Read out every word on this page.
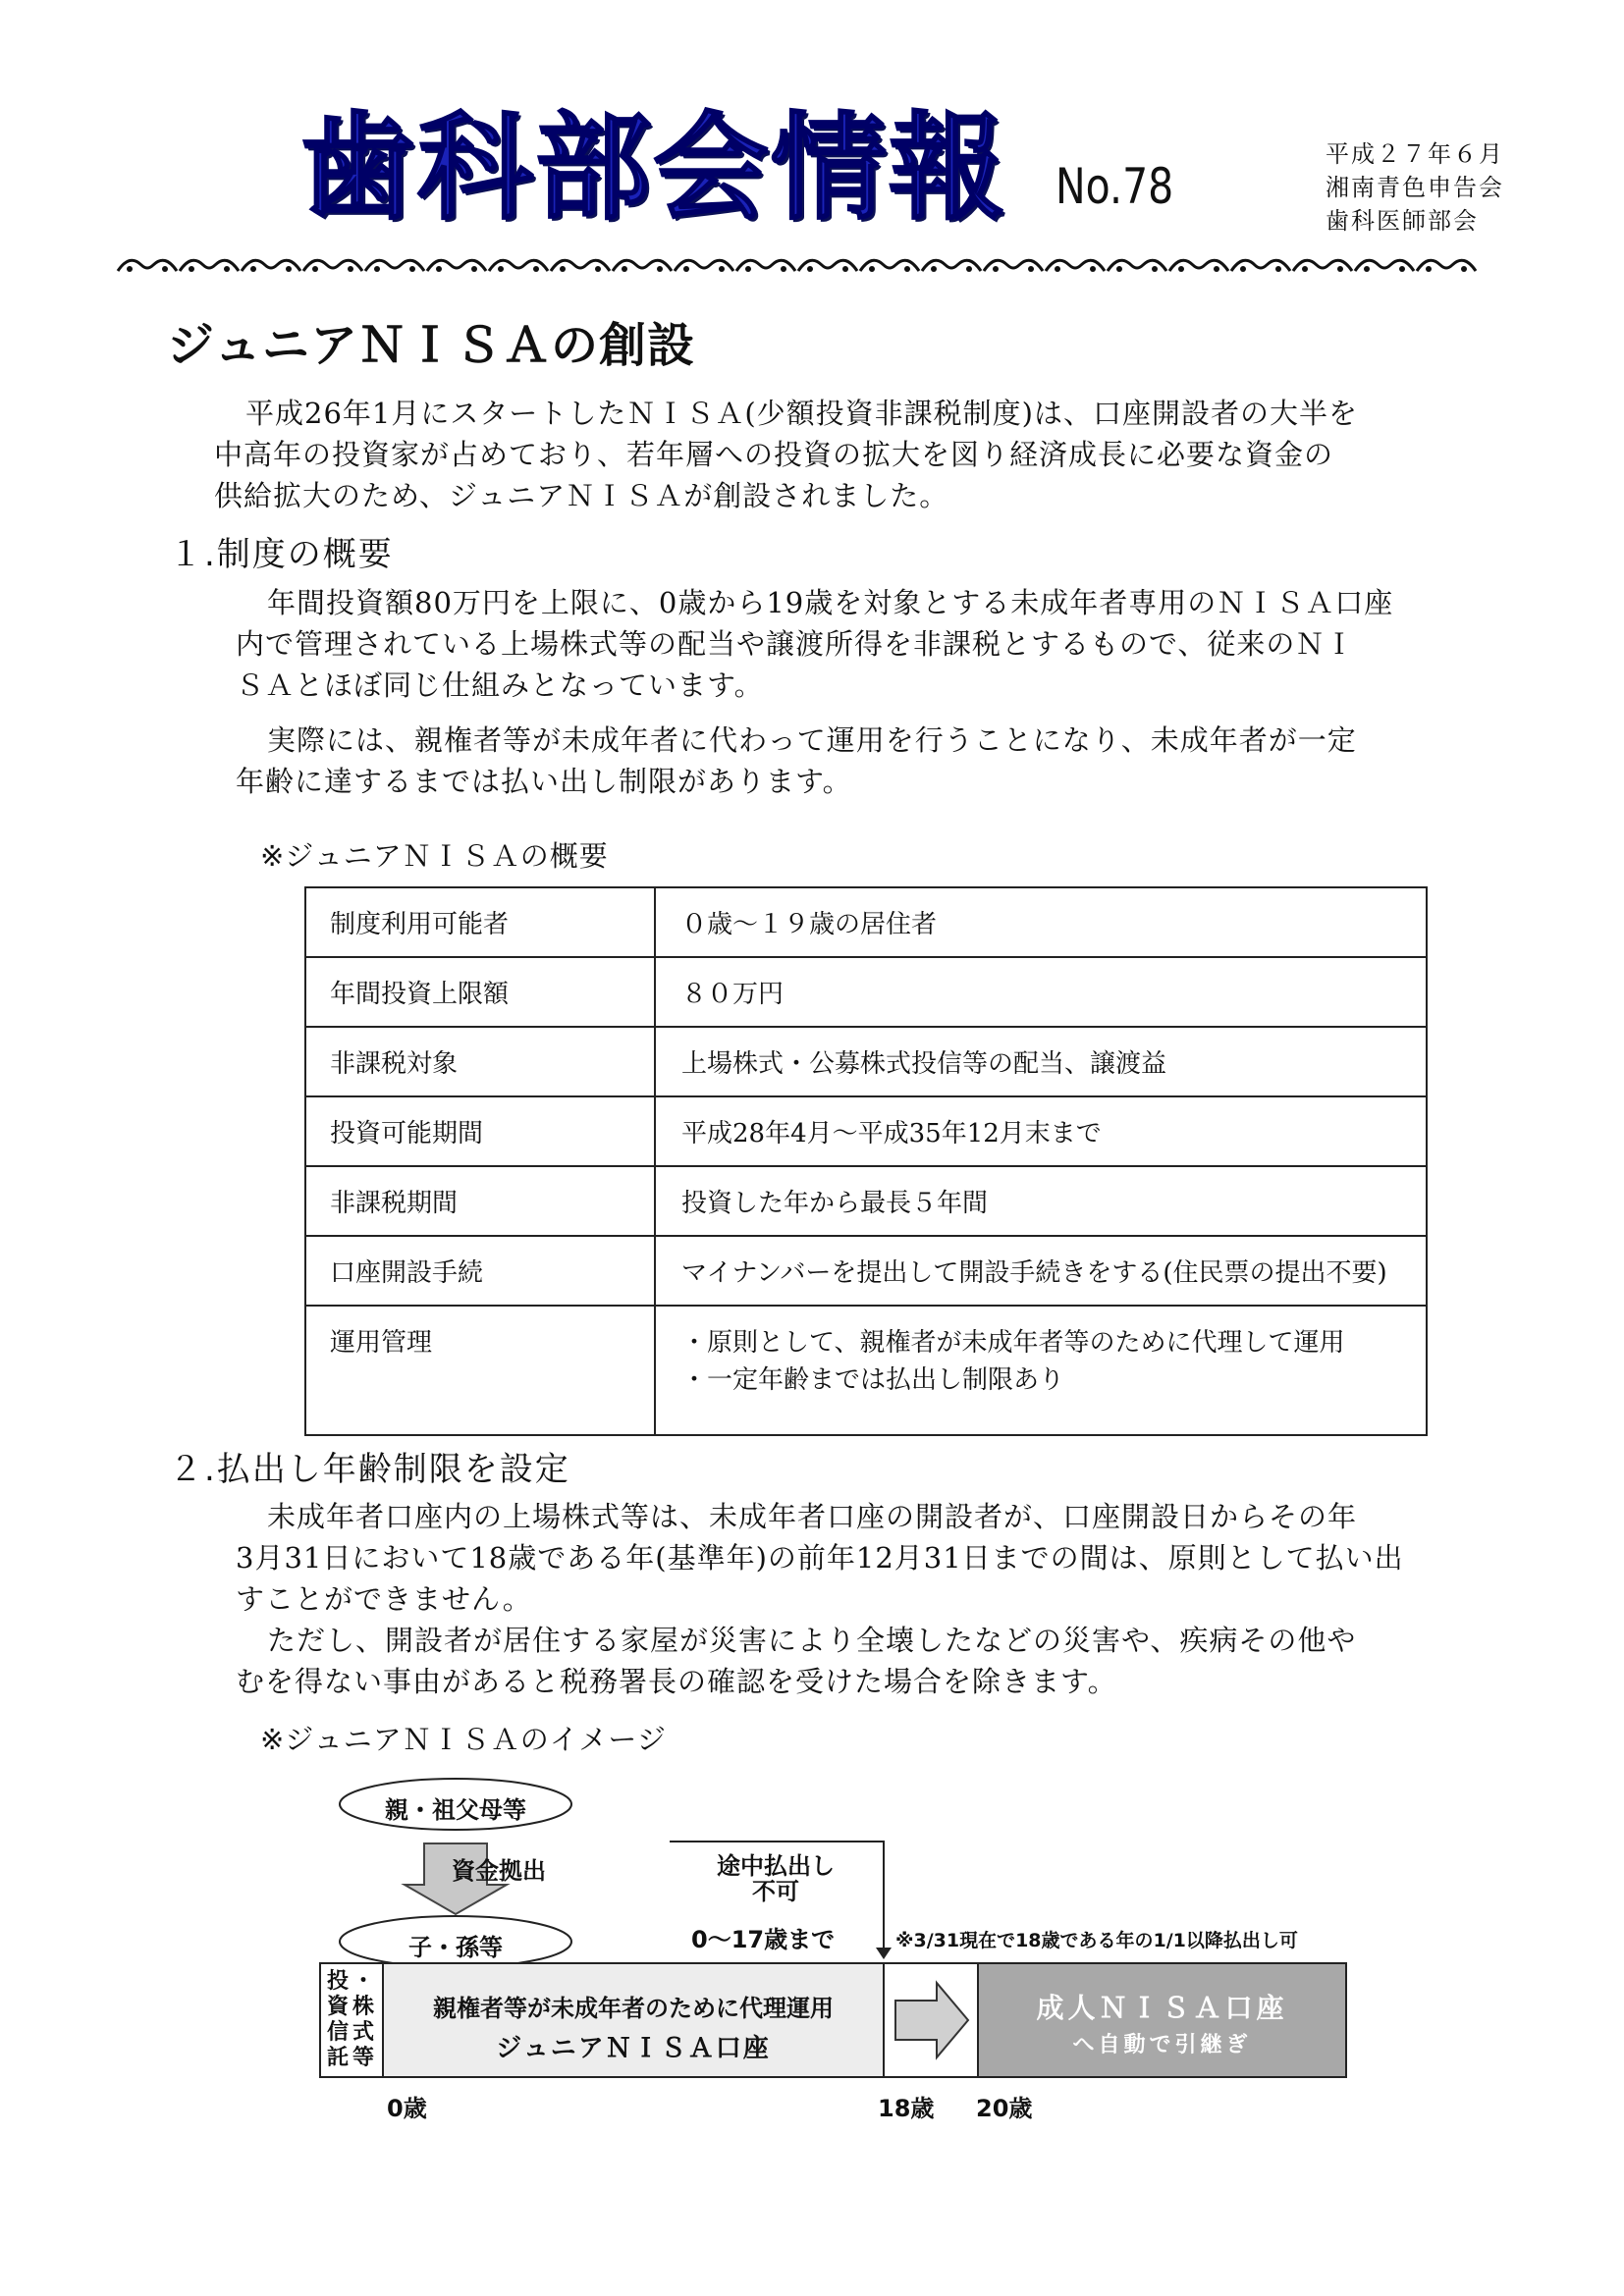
歯科部会情報 No.78
平成２７年６月
湘南青色申告会
歯科医師部会
ジュニアＮＩＳＡの創設
平成26年1月にスタートしたＮＩＳＡ(少額投資非課税制度)は、口座開設者の大半を
中高年の投資家が占めており、若年層への投資の拡大を図り経済成長に必要な資金の
供給拡大のため、ジュニアＮＩＳＡが創設されました。
１.制度の概要
年間投資額80万円を上限に、0歳から19歳を対象とする未成年者専用のＮＩＳＡ口座
内で管理されている上場株式等の配当や譲渡所得を非課税とするもので、従来のＮＩ
ＳＡとほぼ同じ仕組みとなっています。
実際には、親権者等が未成年者に代わって運用を行うことになり、未成年者が一定
年齢に達するまでは払い出し制限があります。
※ジュニアＮＩＳＡの概要
制度利用可能者	０歳～１９歳の居住者
年間投資上限額	８０万円
非課税対象	上場株式・公募株式投信等の配当、譲渡益
投資可能期間	平成28年4月～平成35年12月末まで
非課税期間	投資した年から最長５年間
口座開設手続	マイナンバーを提出して開設手続きをする(住民票の提出不要)
運用管理	・原則として、親権者が未成年者等のために代理して運用
・一定年齢までは払出し制限あり
２.払出し年齢制限を設定
未成年者口座内の上場株式等は、未成年者口座の開設者が、口座開設日からその年
3月31日において18歳である年(基準年)の前年12月31日までの間は、原則として払い出
すことができません。
ただし、開設者が居住する家屋が災害により全壊したなどの災害や、疾病その他や
むを得ない事由があると税務署長の確認を受けた場合を除きます。
※ジュニアＮＩＳＡのイメージ
親・祖父母等
資金拠出
子・孫等
途中払出し
不可
0～17歳まで	※3/31現在で18歳である年の1/1以降払出し可
投資信託
・株式等
親権者等が未成年者のために代理運用
ジュニアＮＩＳＡ口座
成人ＮＩＳＡ口座
へ自動で引継ぎ
0歳	18歳 20歳
